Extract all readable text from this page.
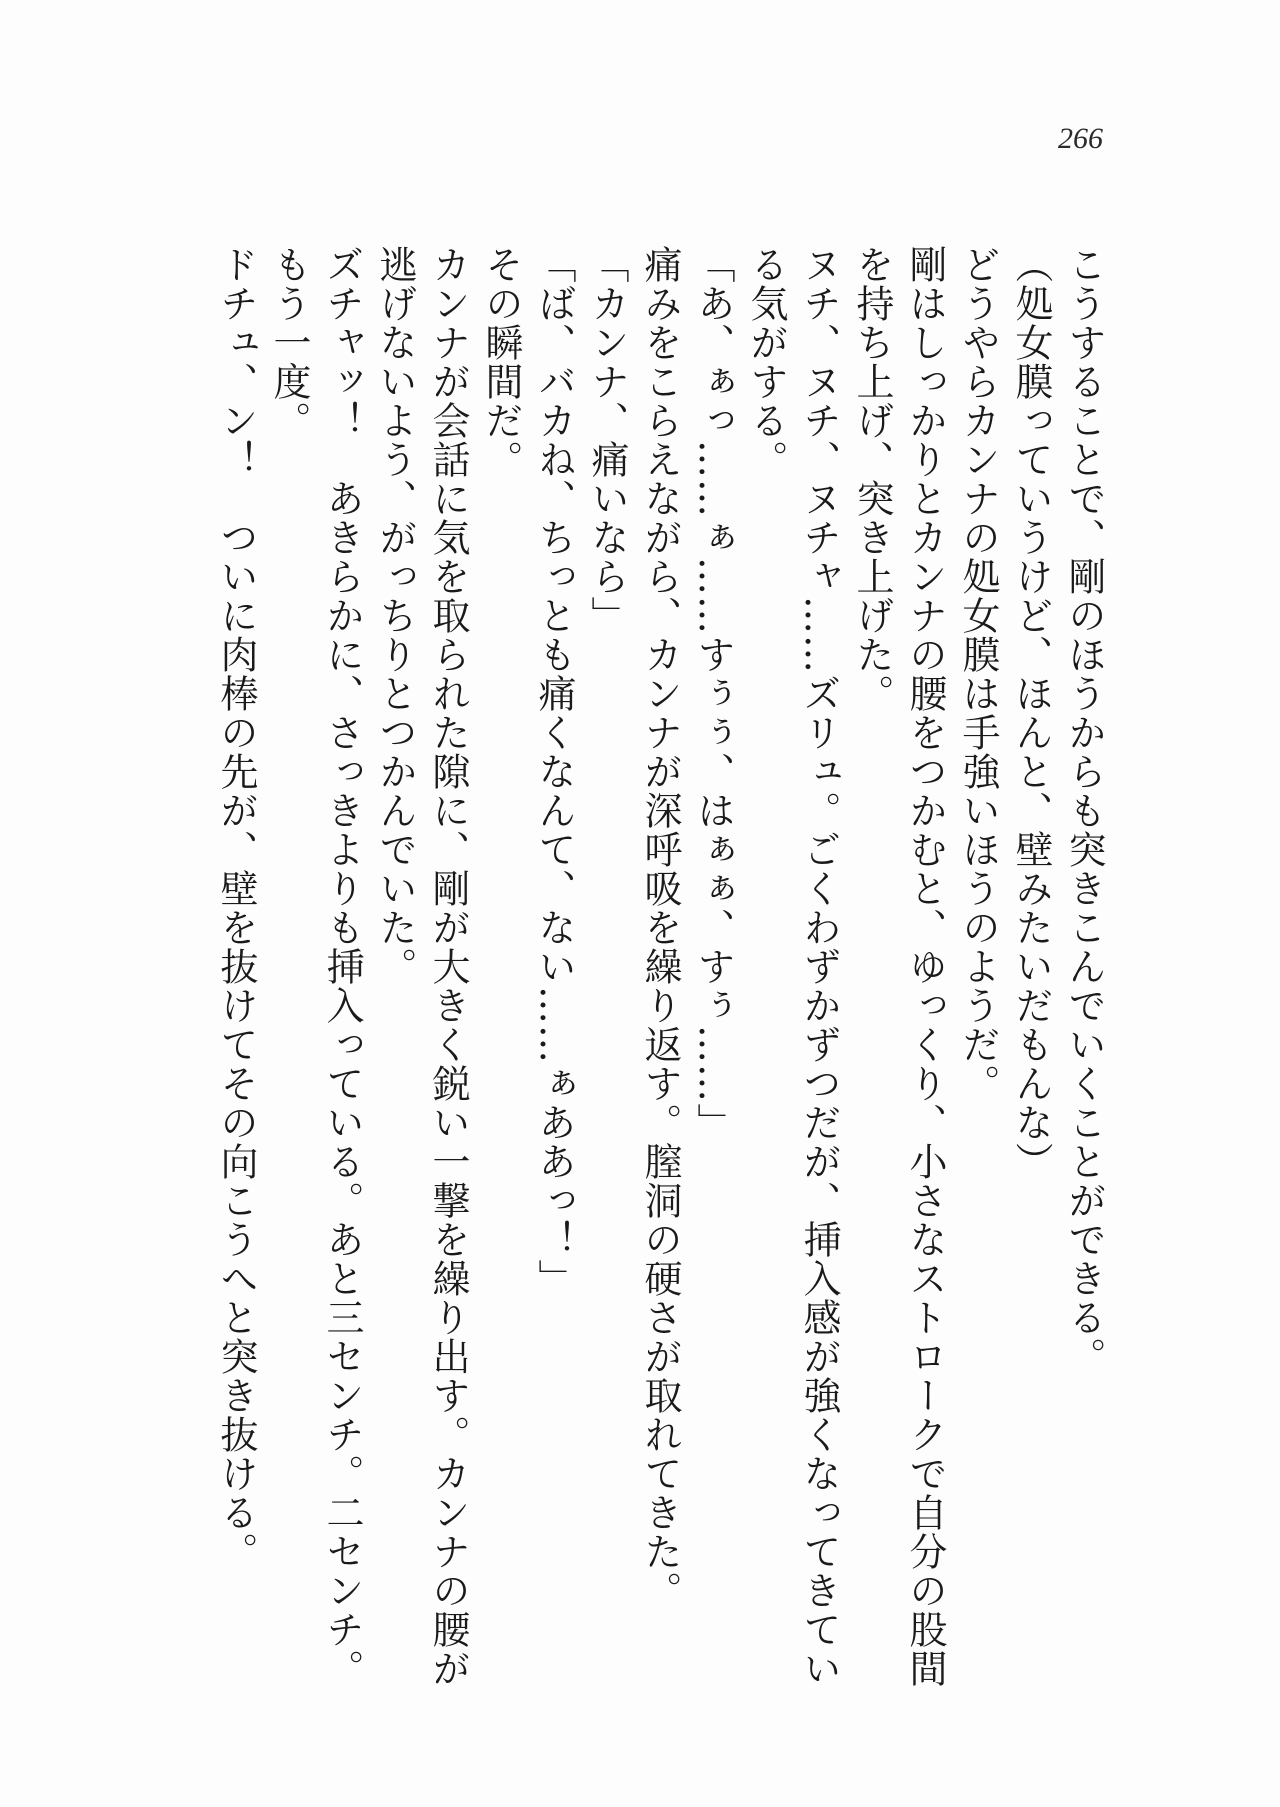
266
こうすることで、剛のほうからも突きこんでいくことができる。
（処女膜っていうけど、ほんと、壁みたいだもんな）
どうやらカンナの処女膜は手強いほうのようだ。
剛はしっかりとカンナの腰をつかむと、ゆっくり、小さなストロークで自分の股間
を持ち上げ、突き上げた。
ヌチ、ヌチ、ヌチャ……ズリュ。ごくわずかずつだが、挿入感が強くなってきてい
る気がする。
「あ、ぁっ……ぁ……すぅぅ、はぁぁ、すぅ……」
痛みをこらえながら、カンナが深呼吸を繰り返す。膣洞の硬さが取れてきた。
「カンナ、痛いなら」
「ば、バカね、ちっとも痛くなんて、ない……ぁああっ！」
その瞬間だ。
カンナが会話に気を取られた隙に、剛が大きく鋭い一撃を繰り出す。カンナの腰が
逃げないよう、がっちりとつかんでいた。
ズチャッ！　あきらかに、さっきよりも挿入っている。あと三センチ。二センチ。
もう一度。
ドチュ、ン！　ついに肉棒の先が、壁を抜けてその向こうへと突き抜ける。
